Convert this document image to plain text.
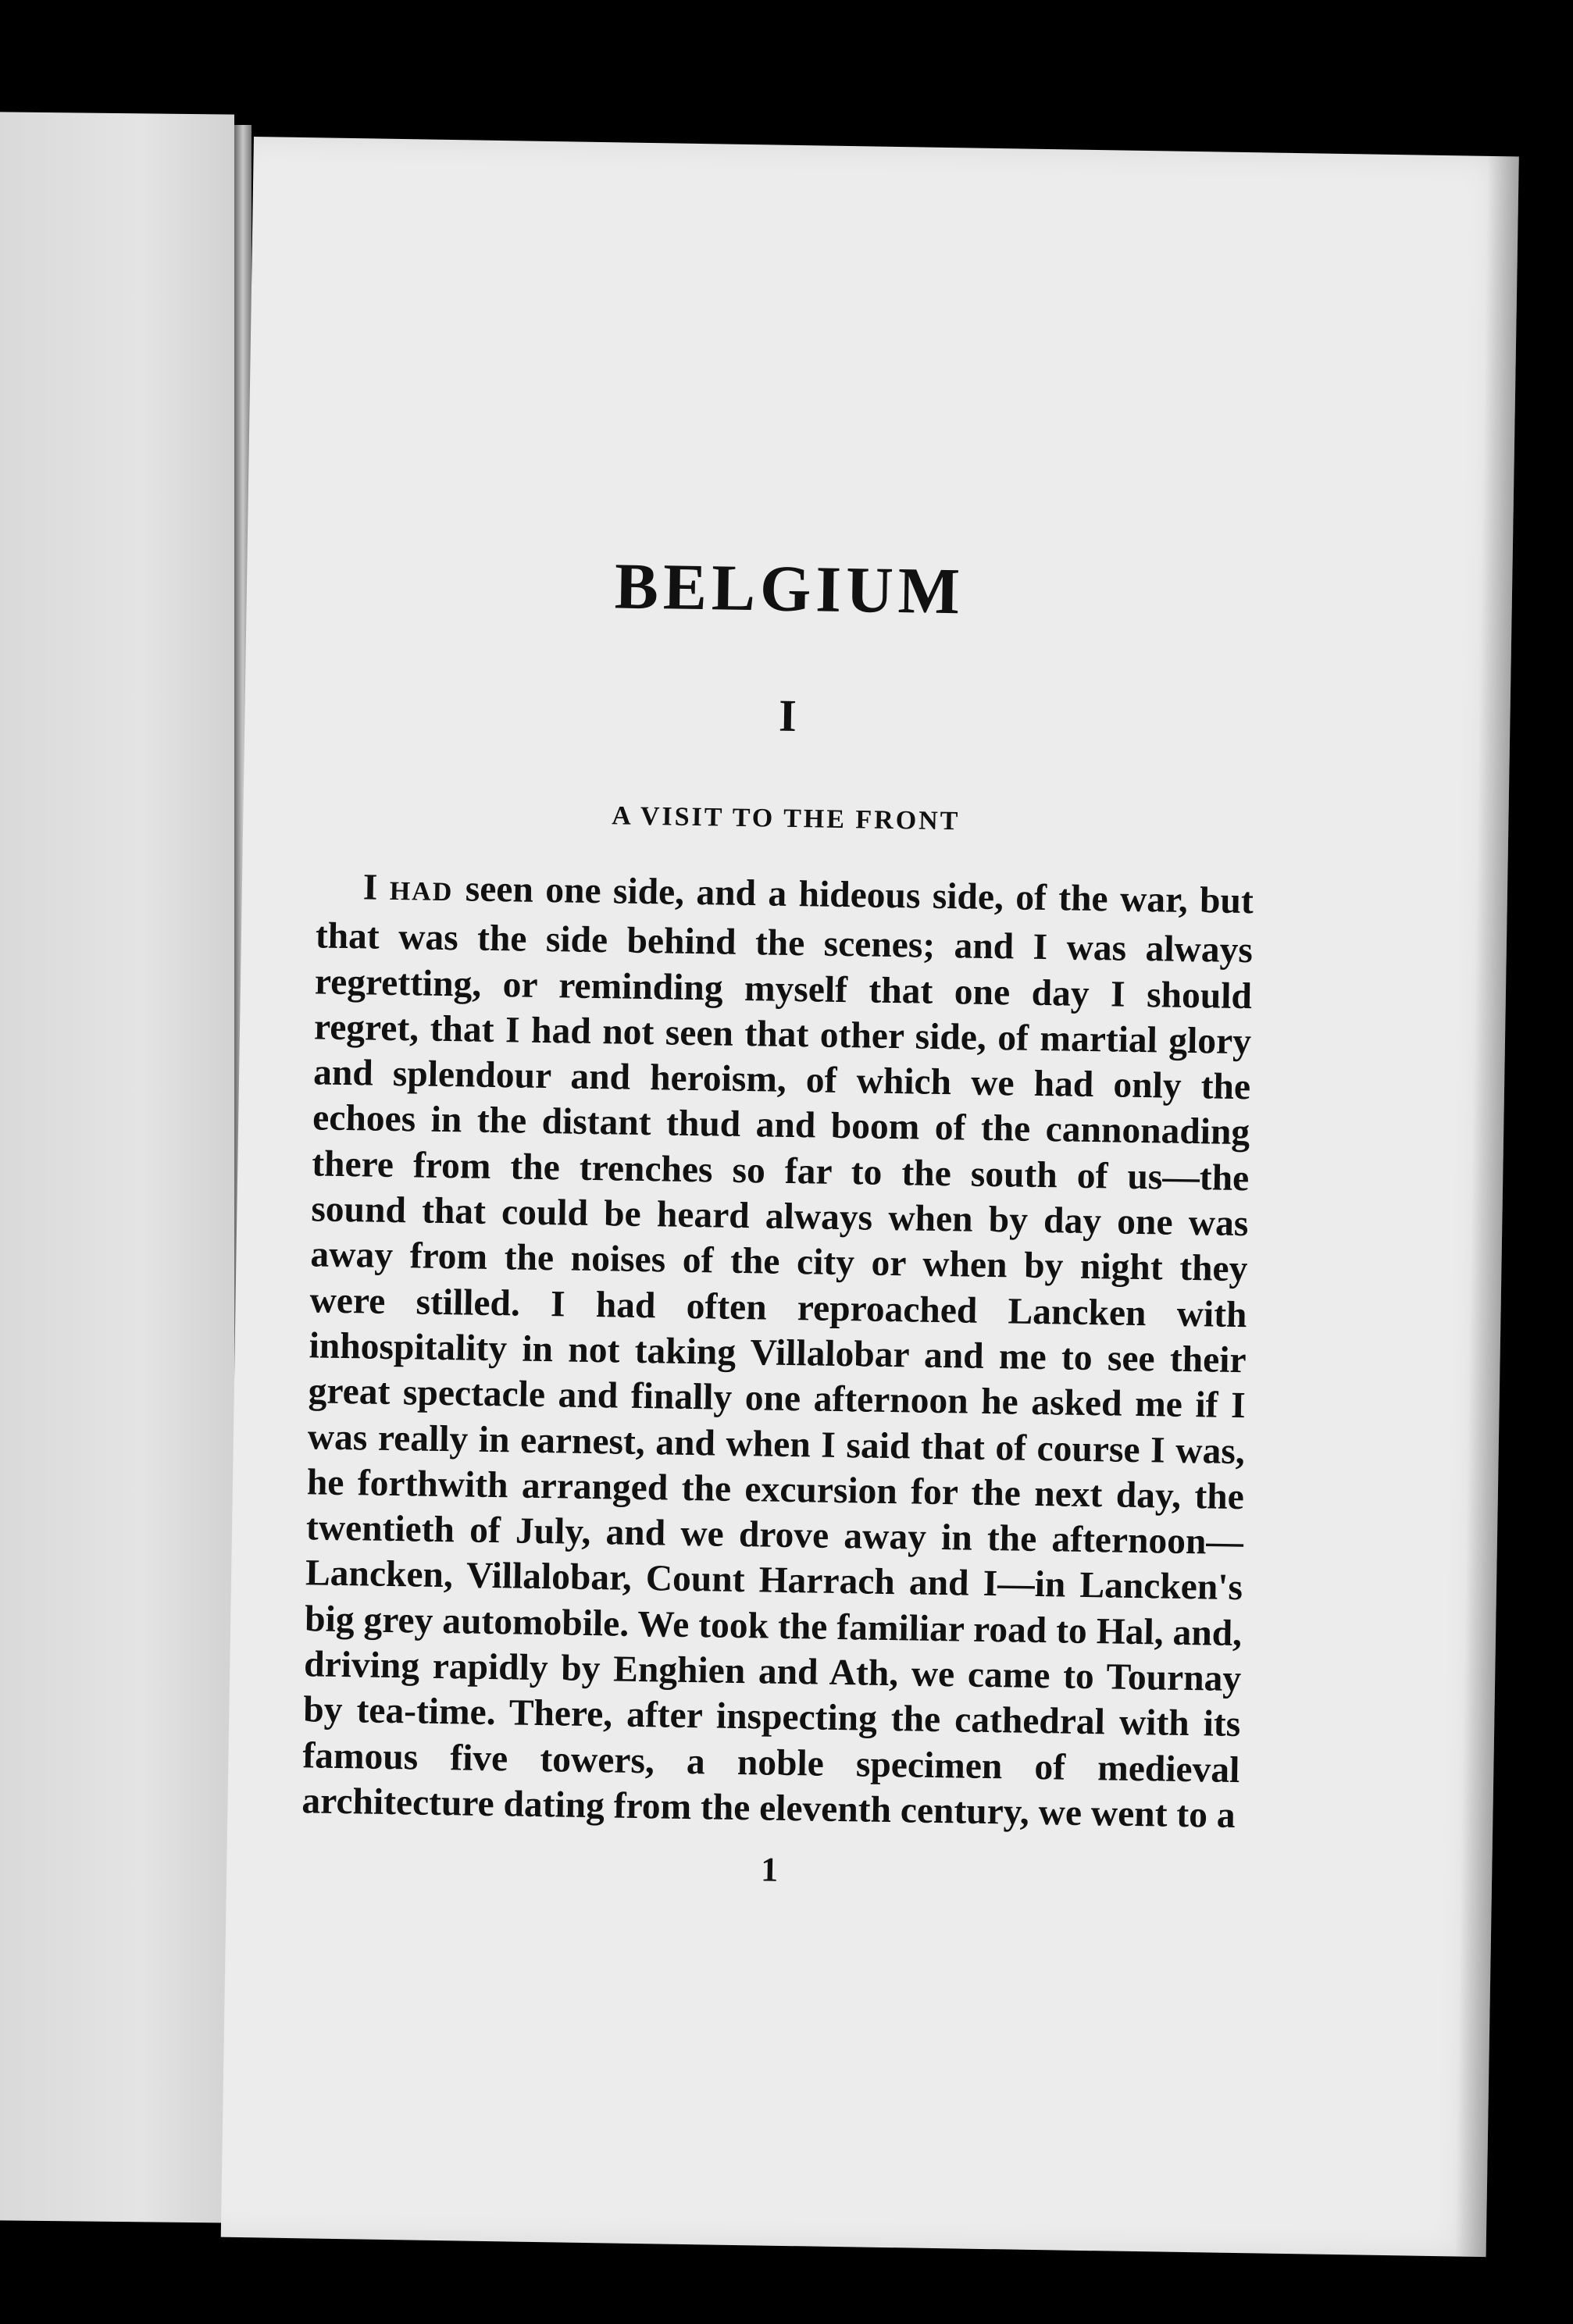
BELGIUM
I
A VISIT TO THE FRONT

I HAD seen one side, and a hideous side, of the war, but that was the side behind the scenes; and I was always regretting, or reminding myself that one day I should regret, that I had not seen that other side, of martial glory and splendour and heroism, of which we had only the echoes in the distant thud and boom of the cannonading there from the trenches so far to the south of us—the sound that could be heard always when by day one was away from the noises of the city or when by night they were stilled. I had often reproached Lancken with inhospitality in not taking Villalobar and me to see their great spectacle and finally one afternoon he asked me if I was really in earnest, and when I said that of course I was, he forthwith arranged the excursion for the next day, the twentieth of July, and we drove away in the afternoon—Lancken, Villalobar, Count Harrach and I—in Lancken's big grey automobile. We took the familiar road to Hal, and, driving rapidly by Enghien and Ath, we came to Tournay by tea-time. There, after inspecting the cathedral with its famous five towers, a noble specimen of medieval architecture dating from the eleventh century, we went to a

1
